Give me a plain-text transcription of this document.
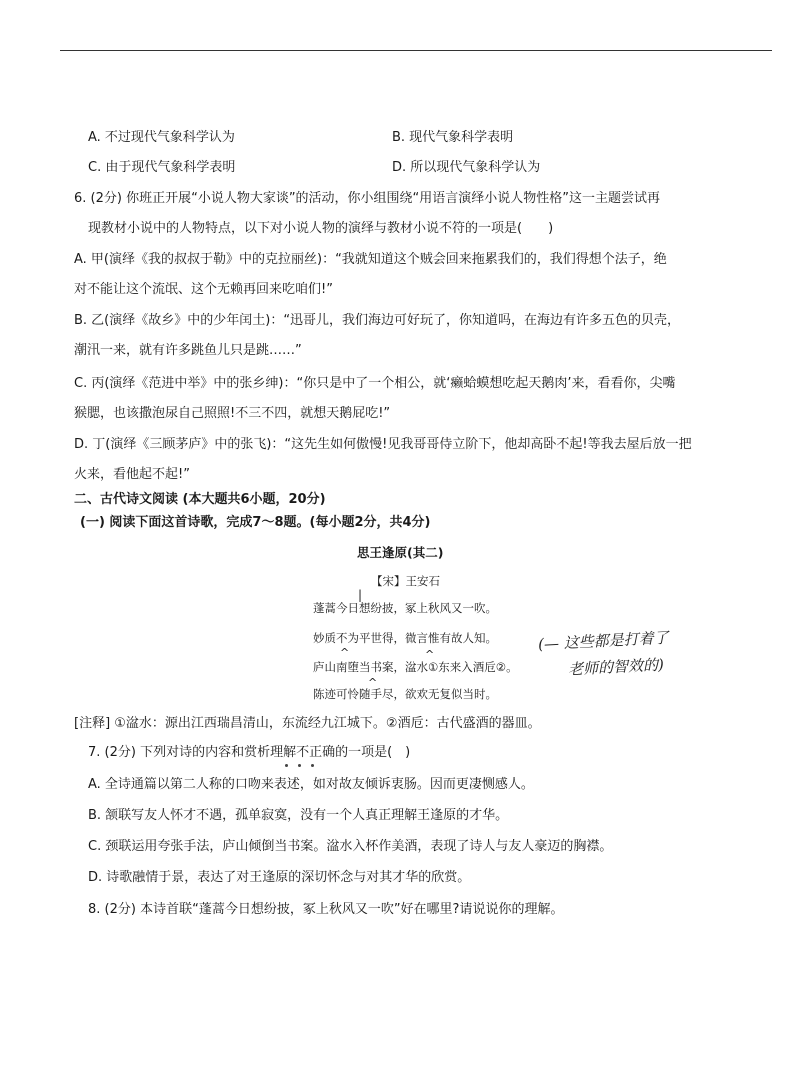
A. 不过现代气象科学认为	B. 现代气象科学表明
C. 由于现代气象科学表明	D. 所以现代气象科学认为
6. (2分) 你班正开展“小说人物大家谈”的活动，你小组围绕“用语言演绎小说人物性格”这一主题尝试再
现教材小说中的人物特点，以下对小说人物的演绎与教材小说不符的一项是(　　)
A. 甲(演绎《我的叔叔于勒》中的克拉丽丝)：“我就知道这个贼会回来拖累我们的，我们得想个法子，绝
对不能让这个流氓、这个无赖再回来吃咱们!”
B. 乙(演绎《故乡》中的少年闰土)：“迅哥儿，我们海边可好玩了，你知道吗，在海边有许多五色的贝壳，
潮汛一来，就有许多跳鱼儿只是跳……”
C. 丙(演绎《范进中举》中的张乡绅)：“你只是中了一个相公，就‘癞蛤蟆想吃起天鹅肉’来，看看你，尖嘴
猴腮，也该撒泡尿自己照照!不三不四，就想天鹅屁吃!”
D. 丁(演绎《三顾茅庐》中的张飞)：“这先生如何傲慢!见我哥哥侍立阶下，他却高卧不起!等我去屋后放一把
火来，看他起不起!”
二、古代诗文阅读 (本大题共6小题，20分)
(一) 阅读下面这首诗歌，完成7～8题。(每小题2分，共4分)
思王逢原(其二)
【宋】王安石
蓬蒿今日想纷披，冢上秋风又一吹。
妙质不为平世得，微言惟有故人知。
庐山南堕当书案，湓水①东来入酒卮②。
陈迹可怜随手尽，欲欢无复似当时。
|
^	^
^
(— 这些都是打着了
老师的智效的)
[注释] ①湓水：源出江西瑞昌清山，东流经九江城下。②酒卮：古代盛酒的器皿。
7. (2分) 下列对诗的内容和赏析理解不正确的一项是(　)
A. 全诗通篇以第二人称的口吻来表述，如对故友倾诉衷肠。因而更凄恻感人。
B. 颔联写友人怀才不遇，孤单寂寞，没有一个人真正理解王逢原的才华。
C. 颈联运用夸张手法，庐山倾倒当书案。湓水入杯作美酒，表现了诗人与友人豪迈的胸襟。
D. 诗歌融情于景，表达了对王逢原的深切怀念与对其才华的欣赏。
8. (2分) 本诗首联“蓬蒿今日想纷披，冢上秋风又一吹”好在哪里?请说说你的理解。
